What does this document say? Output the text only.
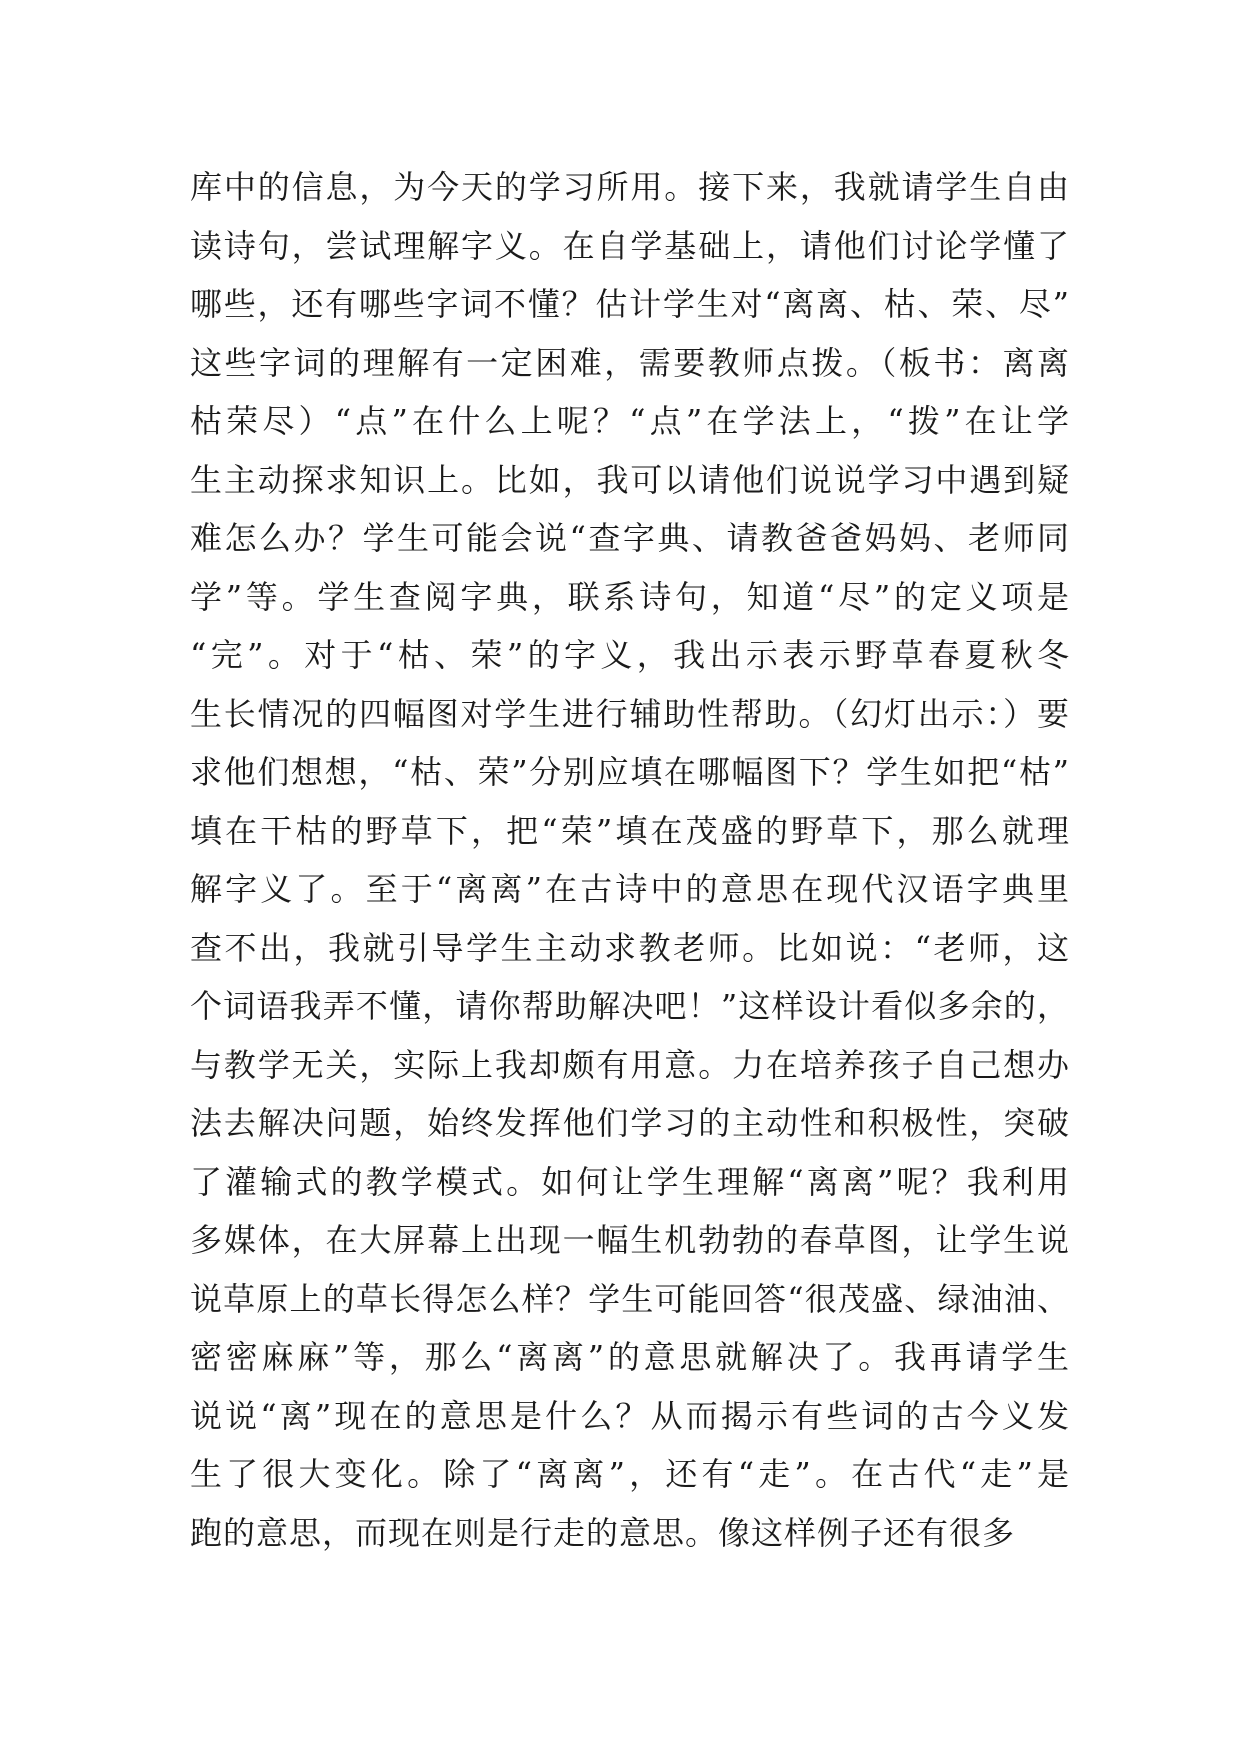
库中的信息，为今天的学习所用。接下来，我就请学生自由
读诗句，尝试理解字义。在自学基础上，请他们讨论学懂了
哪些，还有哪些字词不懂？估计学生对“离离、枯、荣、尽”
这些字词的理解有一定困难，需要教师点拨。（板书：离离
枯荣尽）“点”在什么上呢？“点”在学法上，“拨”在让学
生主动探求知识上。比如，我可以请他们说说学习中遇到疑
难怎么办？学生可能会说“查字典、请教爸爸妈妈、老师同
学”等。学生查阅字典，联系诗句，知道“尽”的定义项是
“完”。对于“枯、荣”的字义，我出示表示野草春夏秋冬
生长情况的四幅图对学生进行辅助性帮助。（幻灯出示：）要
求他们想想，“枯、荣”分别应填在哪幅图下？学生如把“枯”
填在干枯的野草下，把“荣”填在茂盛的野草下，那么就理
解字义了。至于“离离”在古诗中的意思在现代汉语字典里
查不出，我就引导学生主动求教老师。比如说：“老师，这
个词语我弄不懂，请你帮助解决吧！”这样设计看似多余的，
与教学无关，实际上我却颇有用意。力在培养孩子自己想办
法去解决问题，始终发挥他们学习的主动性和积极性，突破
了灌输式的教学模式。如何让学生理解“离离”呢？我利用
多媒体，在大屏幕上出现一幅生机勃勃的春草图，让学生说
说草原上的草长得怎么样？学生可能回答“很茂盛、绿油油、
密密麻麻”等，那么“离离”的意思就解决了。我再请学生
说说“离”现在的意思是什么？从而揭示有些词的古今义发
生了很大变化。除了“离离”，还有“走”。在古代“走”是
跑的意思，而现在则是行走的意思。像这样例子还有很多
